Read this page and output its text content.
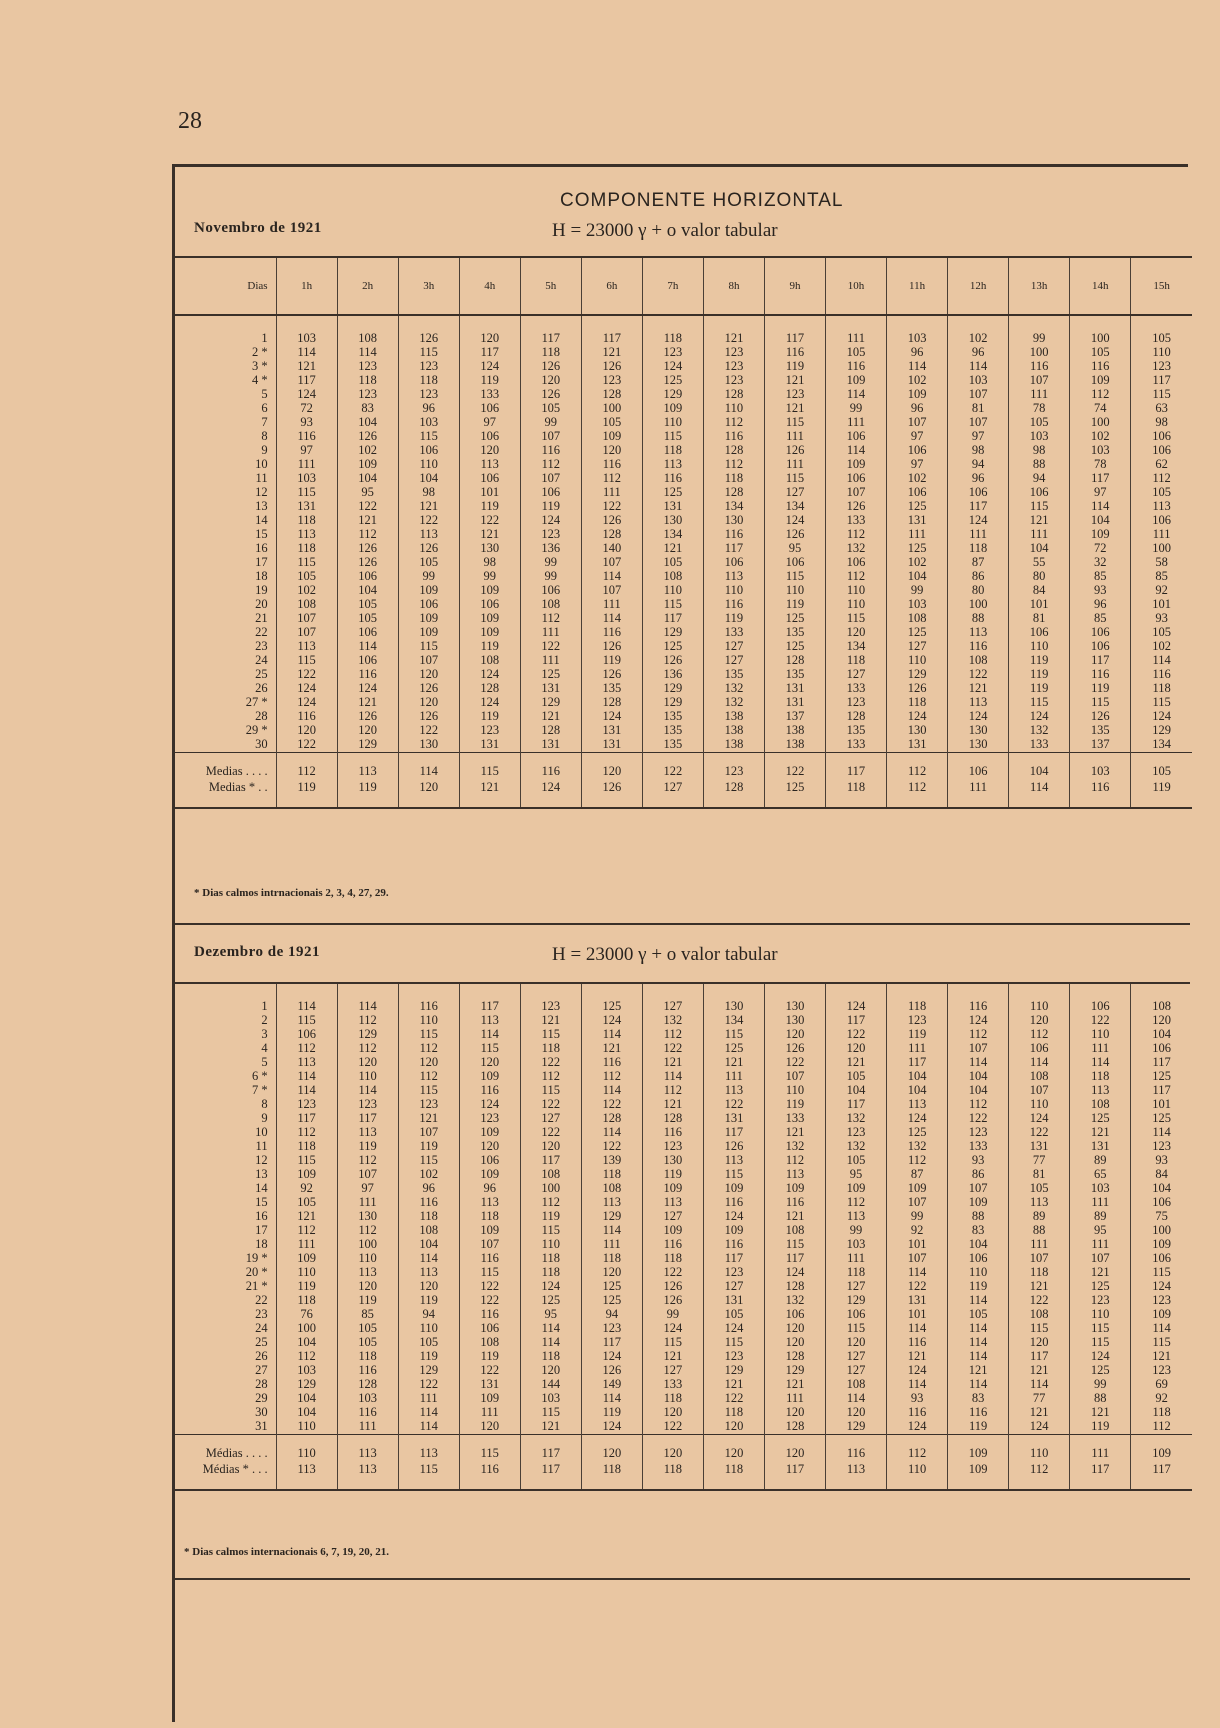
28
COMPONENTE HORIZONTAL
Novembro de 1921	H = 23000 γ + o valor tabular
Dias	1h	2h	3h	4h	5h	6h	7h	8h	9h	10h	11h	12h	13h	14h	15h
1	103	108	126	120	117	117	118	121	117	111	103	102	99	100	105
2 *	114	114	115	117	118	121	123	123	116	105	96	96	100	105	110
3 *	121	123	123	124	126	126	124	123	119	116	114	114	116	116	123
4 *	117	118	118	119	120	123	125	123	121	109	102	103	107	109	117
5	124	123	123	133	126	128	129	128	123	114	109	107	111	112	115
6	72	83	96	106	105	100	109	110	121	99	96	81	78	74	63
7	93	104	103	97	99	105	110	112	115	111	107	107	105	100	98
8	116	126	115	106	107	109	115	116	111	106	97	97	103	102	106
9	97	102	106	120	116	120	118	128	126	114	106	98	98	103	106
10	111	109	110	113	112	116	113	112	111	109	97	94	88	78	62
11	103	104	104	106	107	112	116	118	115	106	102	96	94	117	112
12	115	95	98	101	106	111	125	128	127	107	106	106	106	97	105
13	131	122	121	119	119	122	131	134	134	126	125	117	115	114	113
14	118	121	122	122	124	126	130	130	124	133	131	124	121	104	106
15	113	112	113	121	123	128	134	116	126	112	111	111	111	109	111
16	118	126	126	130	136	140	121	117	95	132	125	118	104	72	100
17	115	126	105	98	99	107	105	106	106	106	102	87	55	32	58
18	105	106	99	99	99	114	108	113	115	112	104	86	80	85	85
19	102	104	109	109	106	107	110	110	110	110	99	80	84	93	92
20	108	105	106	106	108	111	115	116	119	110	103	100	101	96	101
21	107	105	109	109	112	114	117	119	125	115	108	88	81	85	93
22	107	106	109	109	111	116	129	133	135	120	125	113	106	106	105
23	113	114	115	119	122	126	125	127	125	134	127	116	110	106	102
24	115	106	107	108	111	119	126	127	128	118	110	108	119	117	114
25	122	116	120	124	125	126	136	135	135	127	129	122	119	116	116
26	124	124	126	128	131	135	129	132	131	133	126	121	119	119	118
27 *	124	121	120	124	129	128	129	132	131	123	118	113	115	115	115
28	116	126	126	119	121	124	135	138	137	128	124	124	124	126	124
29 *	120	120	122	123	128	131	135	138	138	135	130	130	132	135	129
30	122	129	130	131	131	131	135	138	138	133	131	130	133	137	134
Medias . . . .	112	113	114	115	116	120	122	123	122	117	112	106	104	103	105
Medias * . .	119	119	120	121	124	126	127	128	125	118	112	111	114	116	119

* Dias calmos intrnacionais 2, 3, 4, 27, 29.
Dezembro de 1921	H = 23000 γ + o valor tabular
1	114	114	116	117	123	125	127	130	130	124	118	116	110	106	108
2	115	112	110	113	121	124	132	134	130	117	123	124	120	122	120
3	106	129	115	114	115	114	112	115	120	122	119	112	112	110	104
4	112	112	112	115	118	121	122	125	126	120	111	107	106	111	106
5	113	120	120	120	122	116	121	121	122	121	117	114	114	114	117
6 *	114	110	112	109	112	112	114	111	107	105	104	104	108	118	125
7 *	114	114	115	116	115	114	112	113	110	104	104	104	107	113	117
8	123	123	123	124	122	122	121	122	119	117	113	112	110	108	101
9	117	117	121	123	127	128	128	131	133	132	124	122	124	125	125
10	112	113	107	109	122	114	116	117	121	123	125	123	122	121	114
11	118	119	119	120	120	122	123	126	132	132	132	133	131	131	123
12	115	112	115	106	117	139	130	113	112	105	112	93	77	89	93
13	109	107	102	109	108	118	119	115	113	95	87	86	81	65	84
14	92	97	96	96	100	108	109	109	109	109	109	107	105	103	104
15	105	111	116	113	112	113	113	116	116	112	107	109	113	111	106
16	121	130	118	118	119	129	127	124	121	113	99	88	89	89	75
17	112	112	108	109	115	114	109	109	108	99	92	83	88	95	100
18	111	100	104	107	110	111	116	116	115	103	101	104	111	111	109
19 *	109	110	114	116	118	118	118	117	117	111	107	106	107	107	106
20 *	110	113	113	115	118	120	122	123	124	118	114	110	118	121	115
21 *	119	120	120	122	124	125	126	127	128	127	122	119	121	125	124
22	118	119	119	122	125	125	126	131	132	129	131	114	122	123	123
23	76	85	94	116	95	94	99	105	106	106	101	105	108	110	109
24	100	105	110	106	114	123	124	124	120	115	114	114	115	115	114
25	104	105	105	108	114	117	115	115	120	120	116	114	120	115	115
26	112	118	119	119	118	124	121	123	128	127	121	114	117	124	121
27	103	116	129	122	120	126	127	129	129	127	124	121	121	125	123
28	129	128	122	131	144	149	133	121	121	108	114	114	114	99	69
29	104	103	111	109	103	114	118	122	111	114	93	83	77	88	92
30	104	116	114	111	115	119	120	118	120	120	116	116	121	121	118
31	110	111	114	120	121	124	122	120	128	129	124	119	124	119	112
Médias . . . .	110	113	113	115	117	120	120	120	120	116	112	109	110	111	109
Médias * . . .	113	113	115	116	117	118	118	118	117	113	110	109	112	117	117

* Dias calmos internacionais 6, 7, 19, 20, 21.
